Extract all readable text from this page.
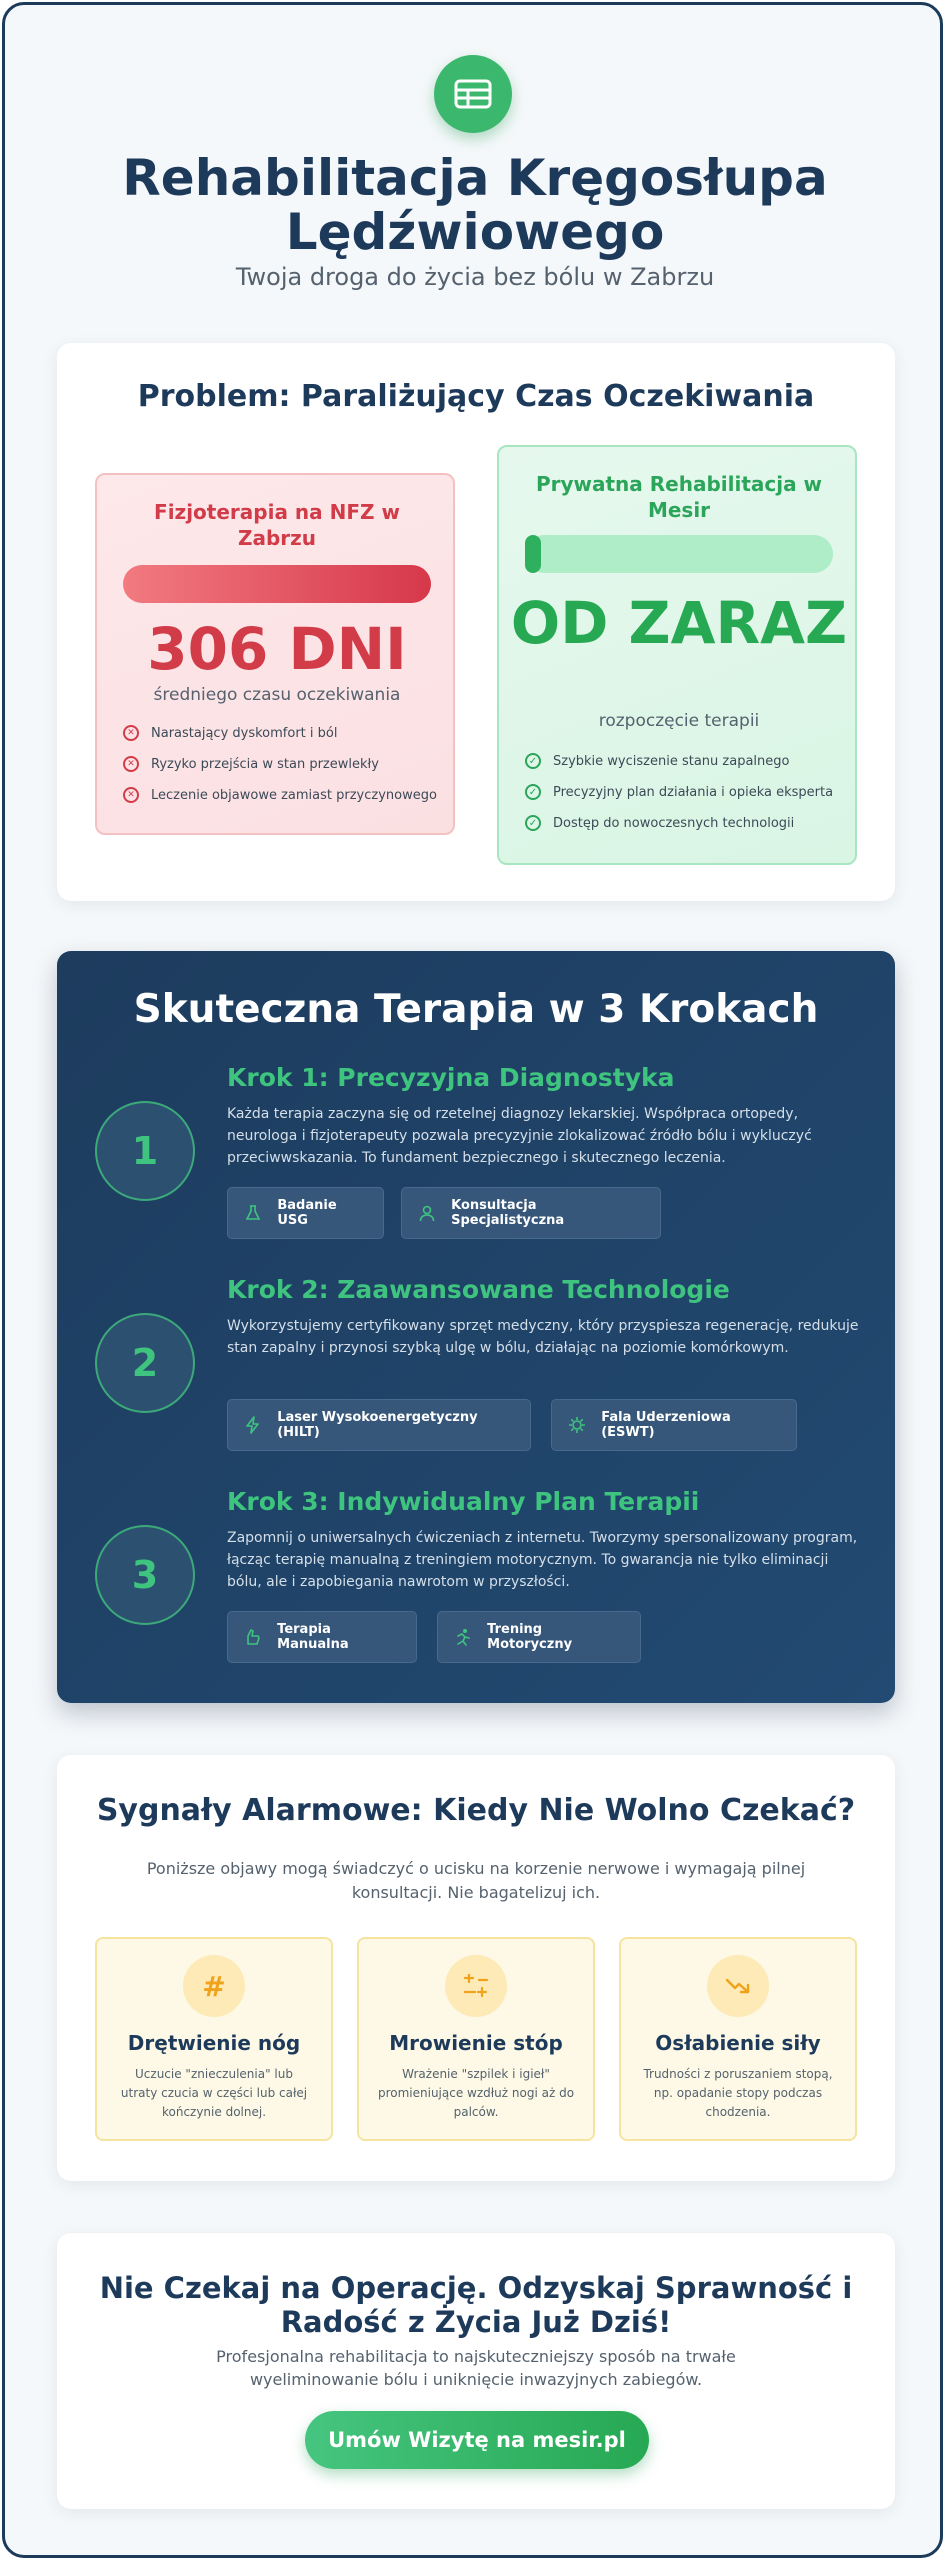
Rehabilitacja Kręgosłupa Lędźwiowego
Twoja droga do życia bez bólu w Zabrzu
Problem: Paraliżujący Czas Oczekiwania
Fizjoterapia na NFZ w Zabrzu
306 DNI
średniego czasu oczekiwania
✕	Narastający dyskomfort i ból
✕	Ryzyko przejścia w stan przewlekły
✕	Leczenie objawowe zamiast przyczynowego
Prywatna Rehabilitacja w Mesir
OD ZARAZ
rozpoczęcie terapii
✓ Szybkie wyciszenie stanu zapalnego
✓ Precyzyjny plan działania i opieka eksperta
✓ Dostęp do nowoczesnych technologii
Skuteczna Terapia w 3 Krokach
1
Krok 1: Precyzyjna Diagnostyka
Każda terapia zaczyna się od rzetelnej diagnozy lekarskiej. Współpraca ortopedy, neurologa i fizjoterapeuty pozwala precyzyjnie zlokalizować źródło bólu i wykluczyć przeciwwskazania. To fundament bezpiecznego i skutecznego leczenia.
Badanie USG
Konsultacja Specjalistyczna
2
Krok 2: Zaawansowane Technologie
Wykorzystujemy certyfikowany sprzęt medyczny, który przyspiesza regenerację, redukuje stan zapalny i przynosi szybką ulgę w bólu, działając na poziomie komórkowym.
Laser Wysokoenergetyczny (HILT)
Fala Uderzeniowa (ESWT)
3
Krok 3: Indywidualny Plan Terapii
Zapomnij o uniwersalnych ćwiczeniach z internetu. Tworzymy spersonalizowany program, łącząc terapię manualną z treningiem motorycznym. To gwarancja nie tylko eliminacji bólu, ale i zapobiegania nawrotom w przyszłości.
Terapia Manualna
Trening Motoryczny
Sygnały Alarmowe: Kiedy Nie Wolno Czekać?
Poniższe objawy mogą świadczyć o ucisku na korzenie nerwowe i wymagają pilnej konsultacji. Nie bagatelizuj ich.
#
Drętwienie nóg
Uczucie "znieczulenia" lub utraty czucia w części lub całej kończynie dolnej.
Mrowienie stóp
Wrażenie "szpilek i igieł" promieniujące wzdłuż nogi aż do palców.
Osłabienie siły
Trudności z poruszaniem stopą, np. opadanie stopy podczas chodzenia.
Nie Czekaj na Operację. Odzyskaj Sprawność i Radość z Życia Już Dziś!
Profesjonalna rehabilitacja to najskuteczniejszy sposób na trwałe wyeliminowanie bólu i uniknięcie inwazyjnych zabiegów.
Umów Wizytę na mesir.pl
